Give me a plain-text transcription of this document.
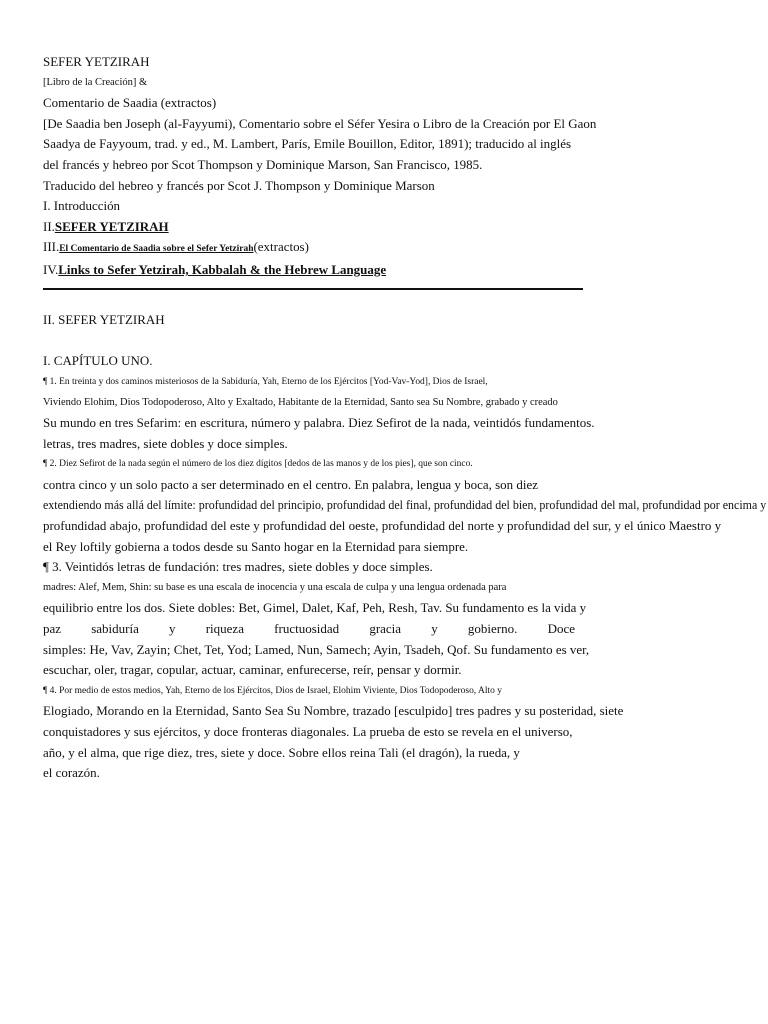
SEFER YETZIRAH
[Libro de la Creación] &
Comentario de Saadia (extractos)
[De Saadia ben Joseph (al-Fayyumi), Comentario sobre el Séfer Yesira o Libro de la Creación por El Gaon
Saadya de Fayyoum, trad. y ed., M. Lambert, París, Emile Bouillon, Editor, 1891); traducido al inglés
del francés y hebreo por Scot Thompson y Dominique Marson, San Francisco, 1985.
Traducido del hebreo y francés por Scot J. Thompson y Dominique Marson
I. Introducción
II.SEFER YETZIRAH
III.El Comentario de Saadia sobre el Sefer Yetzirah(extractos)
IV.Links to Sefer Yetzirah, Kabbalah & the Hebrew Language
II. SEFER YETZIRAH
I. CAPÍTULO UNO.
¶ 1. En treinta y dos caminos misteriosos de la Sabiduría, Yah, Eterno de los Ejércitos [Yod-Vav-Yod], Dios de Israel,
Viviendo Elohim, Dios Todopoderoso, Alto y Exaltado, Habitante de la Eternidad, Santo sea Su Nombre, grabado y creado
Su mundo en tres Sefarim: en escritura, número y palabra. Diez Sefirot de la nada, veintidós fundamentos.
letras, tres madres, siete dobles y doce simples.
¶ 2. Diez Sefirot de la nada según el número de los diez dígitos [dedos de las manos y de los pies], que son cinco.
contra cinco y un solo pacto a ser determinado en el centro. En palabra, lengua y boca, son diez
extendiendo más allá del límite: profundidad del principio, profundidad del final, profundidad del bien, profundidad del mal, profundidad por encima y
profundidad abajo, profundidad del este y profundidad del oeste, profundidad del norte y profundidad del sur, y el único Maestro y
el Rey loftily gobierna a todos desde su Santo hogar en la Eternidad para siempre.
¶ 3. Veintidós letras de fundación: tres madres, siete dobles y doce simples.
madres: Alef, Mem, Shin: su base es una escala de inocencia y una escala de culpa y una lengua ordenada para
equilibrio entre los dos. Siete dobles: Bet, Gimel, Dalet, Kaf, Peh, Resh, Tav. Su fundamento es la vida y
paz sabiduría y riqueza fructuosidad gracia y gobierno. Doce
simples: He, Vav, Zayin; Chet, Tet, Yod; Lamed, Nun, Samech; Ayin, Tsadeh, Qof. Su fundamento es ver,
escuchar, oler, tragar, copular, actuar, caminar, enfurecerse, reír, pensar y dormir.
¶ 4. Por medio de estos medios, Yah, Eterno de los Ejércitos, Dios de Israel, Elohim Viviente, Dios Todopoderoso, Alto y
Elogiado, Morando en la Eternidad, Santo Sea Su Nombre, trazado [esculpido] tres padres y su posteridad, siete
conquistadores y sus ejércitos, y doce fronteras diagonales. La prueba de esto se revela en el universo,
año, y el alma, que rige diez, tres, siete y doce. Sobre ellos reina Tali (el dragón), la rueda, y
el corazón.
